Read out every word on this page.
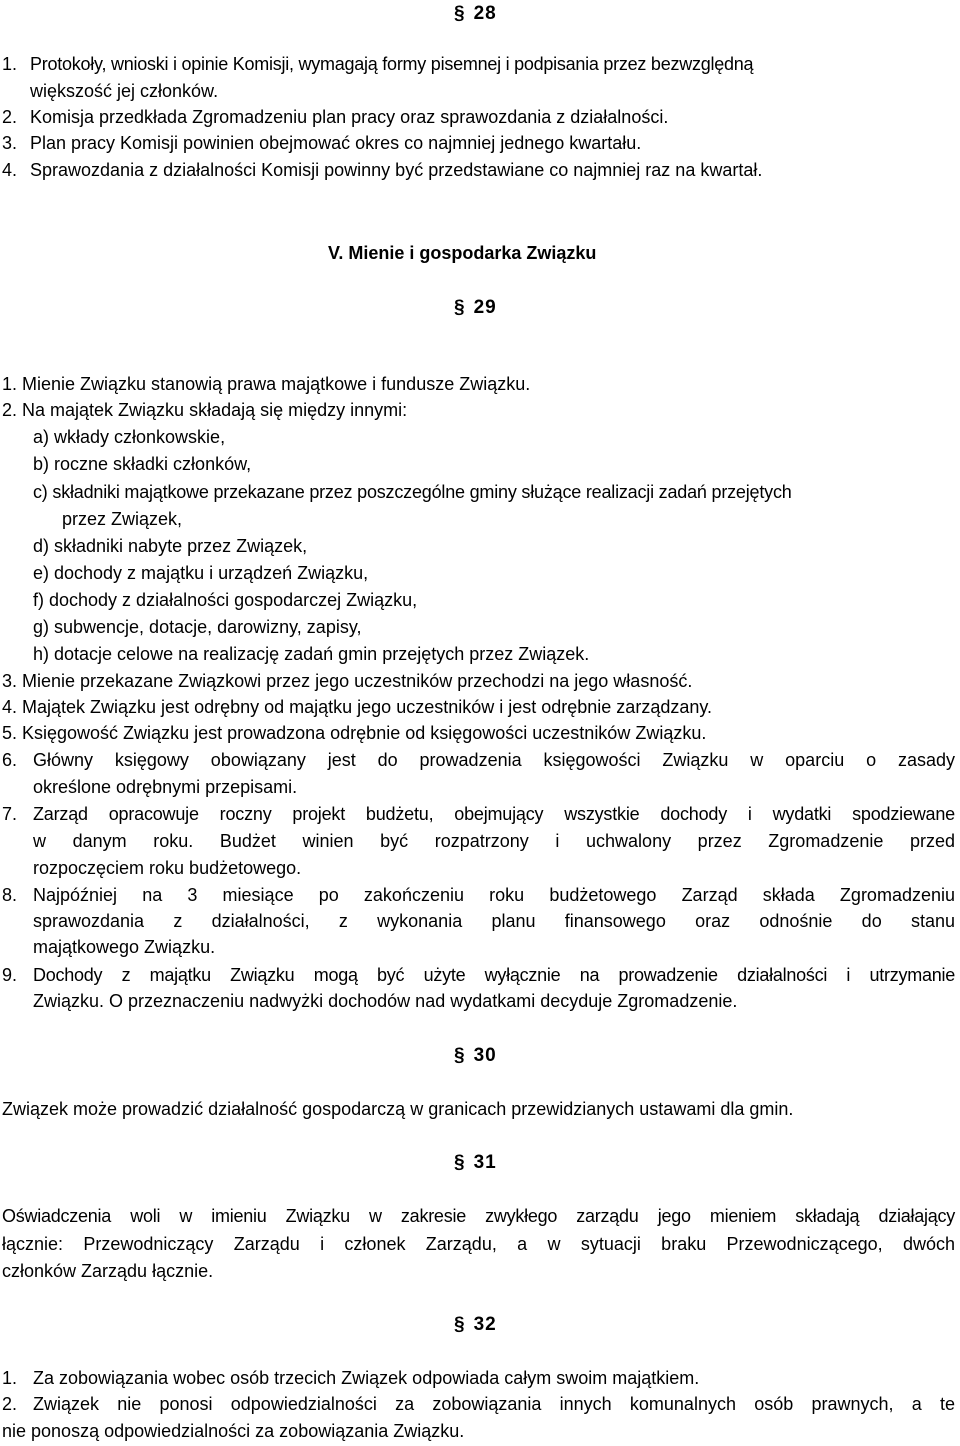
§ 28
1. Protokoły, wnioski i opinie Komisji, wymagają formy pisemnej i podpisania przez bezwzględną
większość jej członków.
2. Komisja przedkłada Zgromadzeniu plan pracy oraz sprawozdania z działalności.
3. Plan pracy Komisji powinien obejmować okres co najmniej jednego kwartału.
4. Sprawozdania z działalności Komisji powinny być przedstawiane co najmniej raz na kwartał.
V. Mienie i gospodarka Związku
§ 29
1. Mienie Związku stanowią prawa majątkowe i fundusze Związku.
2. Na majątek Związku składają się między innymi:
a) wkłady członkowskie,
b) roczne składki członków,
c) składniki majątkowe przekazane przez poszczególne gminy służące realizacji zadań przejętych
przez Związek,
d) składniki nabyte przez Związek,
e) dochody z majątku i urządzeń Związku,
f) dochody z działalności gospodarczej Związku,
g) subwencje, dotacje, darowizny, zapisy,
h) dotacje celowe na realizację zadań gmin przejętych przez Związek.
3. Mienie przekazane Związkowi przez jego uczestników przechodzi na jego własność.
4. Majątek Związku jest odrębny od majątku jego uczestników i jest odrębnie zarządzany.
5. Księgowość Związku jest prowadzona odrębnie od księgowości uczestników Związku.
6. Główny księgowy obowiązany jest do prowadzenia księgowości Związku w oparciu o zasady
określone odrębnymi przepisami.
7. Zarząd opracowuje roczny projekt budżetu, obejmujący wszystkie dochody i wydatki spodziewane
w danym roku. Budżet winien być rozpatrzony i uchwalony przez Zgromadzenie przed
rozpoczęciem roku budżetowego.
8. Najpóźniej na 3 miesiące po zakończeniu roku budżetowego Zarząd składa Zgromadzeniu
sprawozdania z działalności, z wykonania planu finansowego oraz odnośnie do stanu
majątkowego Związku.
9. Dochody z majątku Związku mogą być użyte wyłącznie na prowadzenie działalności i utrzymanie
Związku. O przeznaczeniu nadwyżki dochodów nad wydatkami decyduje Zgromadzenie.
§ 30
Związek może prowadzić działalność gospodarczą w granicach przewidzianych ustawami dla gmin.
§ 31
Oświadczenia woli w imieniu Związku w zakresie zwykłego zarządu jego mieniem składają działający
łącznie: Przewodniczący Zarządu i członek Zarządu, a w sytuacji braku Przewodniczącego, dwóch
członków Zarządu łącznie.
§ 32
1. Za zobowiązania wobec osób trzecich Związek odpowiada całym swoim majątkiem.
2. Związek nie ponosi odpowiedzialności za zobowiązania innych komunalnych osób prawnych, a te
nie ponoszą odpowiedzialności za zobowiązania Związku.
